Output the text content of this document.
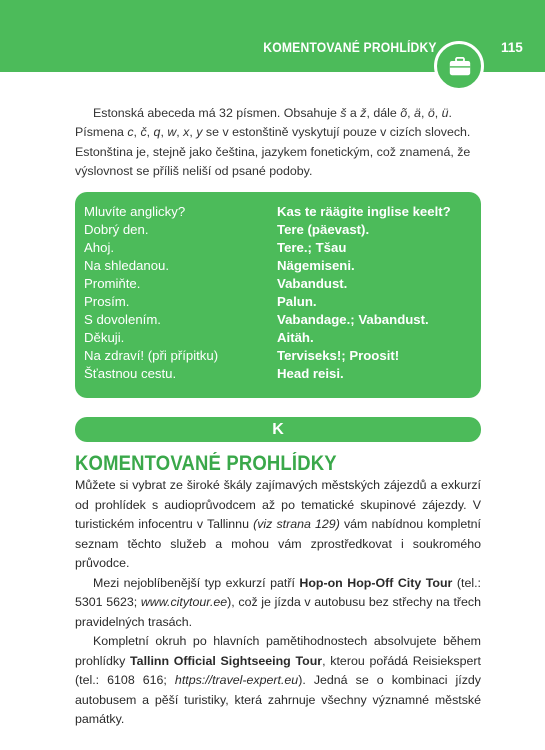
KOMENTOVANÉ PROHLÍDKY	115

Estonská abeceda má 32 písmen. Obsahuje š a ž, dále õ, ä, ö, ü. Písmena c, č, q, w, x, y se v estonštině vyskytují pouze v cizích slovech. Estonština je, stejně jako čeština, jazykem fonetickým, což znamená, že výslovnost se příliš neliší od psané podoby.

Mluvíte anglicky?	Kas te räägite inglise keelt?
Dobrý den.	Tere (päevast).
Ahoj.	Tere.; Tšau
Na shledanou.	Nägemiseni.
Promiňte.	Vabandust.
Prosím.	Palun.
S dovolením.	Vabandage.; Vabandust.
Děkuji.	Aitäh.
Na zdraví! (při přípitku)	Terviseks!; Proosit!
Šťastnou cestu.	Head reisi.
K
KOMENTOVANÉ PROHLÍDKY

Můžete si vybrat ze široké škály zajímavých městských zájezdů a exkurzí od prohlídek s audioprůvodcem až po tematické skupinové zájezdy. V turistickém infocentru v Tallinnu (viz strana 129) vám nabídnou kompletní seznam těchto služeb a mohou vám zprostředkovat i soukromého průvodce.

Mezi nejoblíbenější typ exkurzí patří Hop-on Hop-Off City Tour (tel.: 5301 5623; www.citytour.ee), což je jízda v autobusu bez střechy na třech pravidelných trasách.

Kompletní okruh po hlavních pamětihodnostech absolvujete během prohlídky Tallinn Official Sightseeing Tour, kterou pořádá Reisiekspert (tel.: 6108 616; https://travel-expert.eu). Jedná se o kombinaci jízdy autobusem a pěší turistiky, která zahrnuje všechny významné městské památky.
